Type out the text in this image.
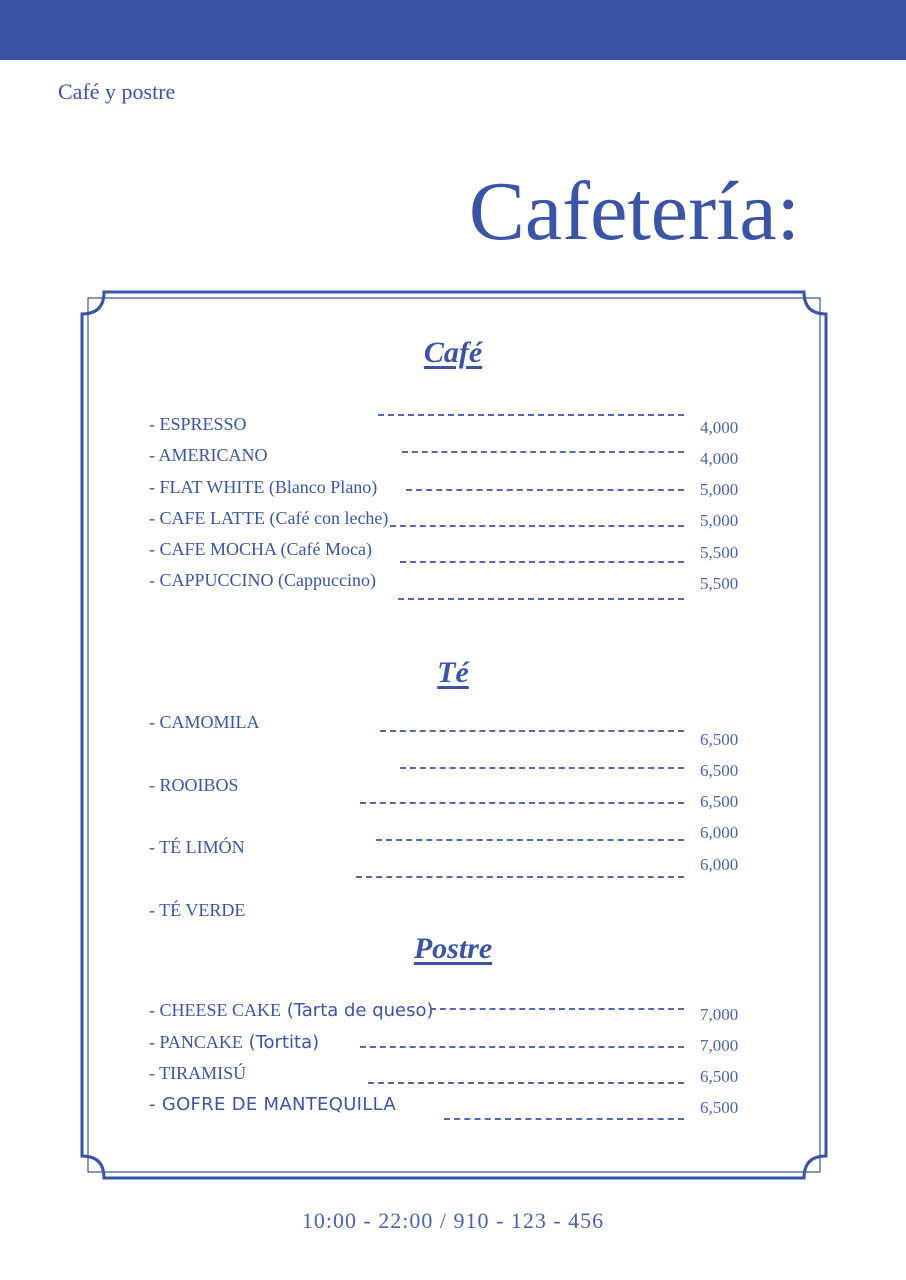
Café y postre
Cafetería:
Café
- ESPRESSO
- AMERICANO
- FLAT WHITE (Blanco Plano)
- CAFE LATTE (Café con leche)
- CAFE MOCHA (Café Moca)
- CAPPUCCINO (Cappuccino)
4,000
4,000
5,000
5,000
5,500
5,500
Té
- CAMOMILA
- ROOIBOS
- TÉ LIMÓN
- TÉ VERDE
6,500
6,500
6,500
6,000
6,000
Postre
- CHEESE CAKE (Tarta de queso)
- PANCAKE (Tortita)
- TIRAMISÚ
- GOFRE DE MANTEQUILLA
7,000
7,000
6,500
6,500
10:00 - 22:00 / 910 - 123 - 456
